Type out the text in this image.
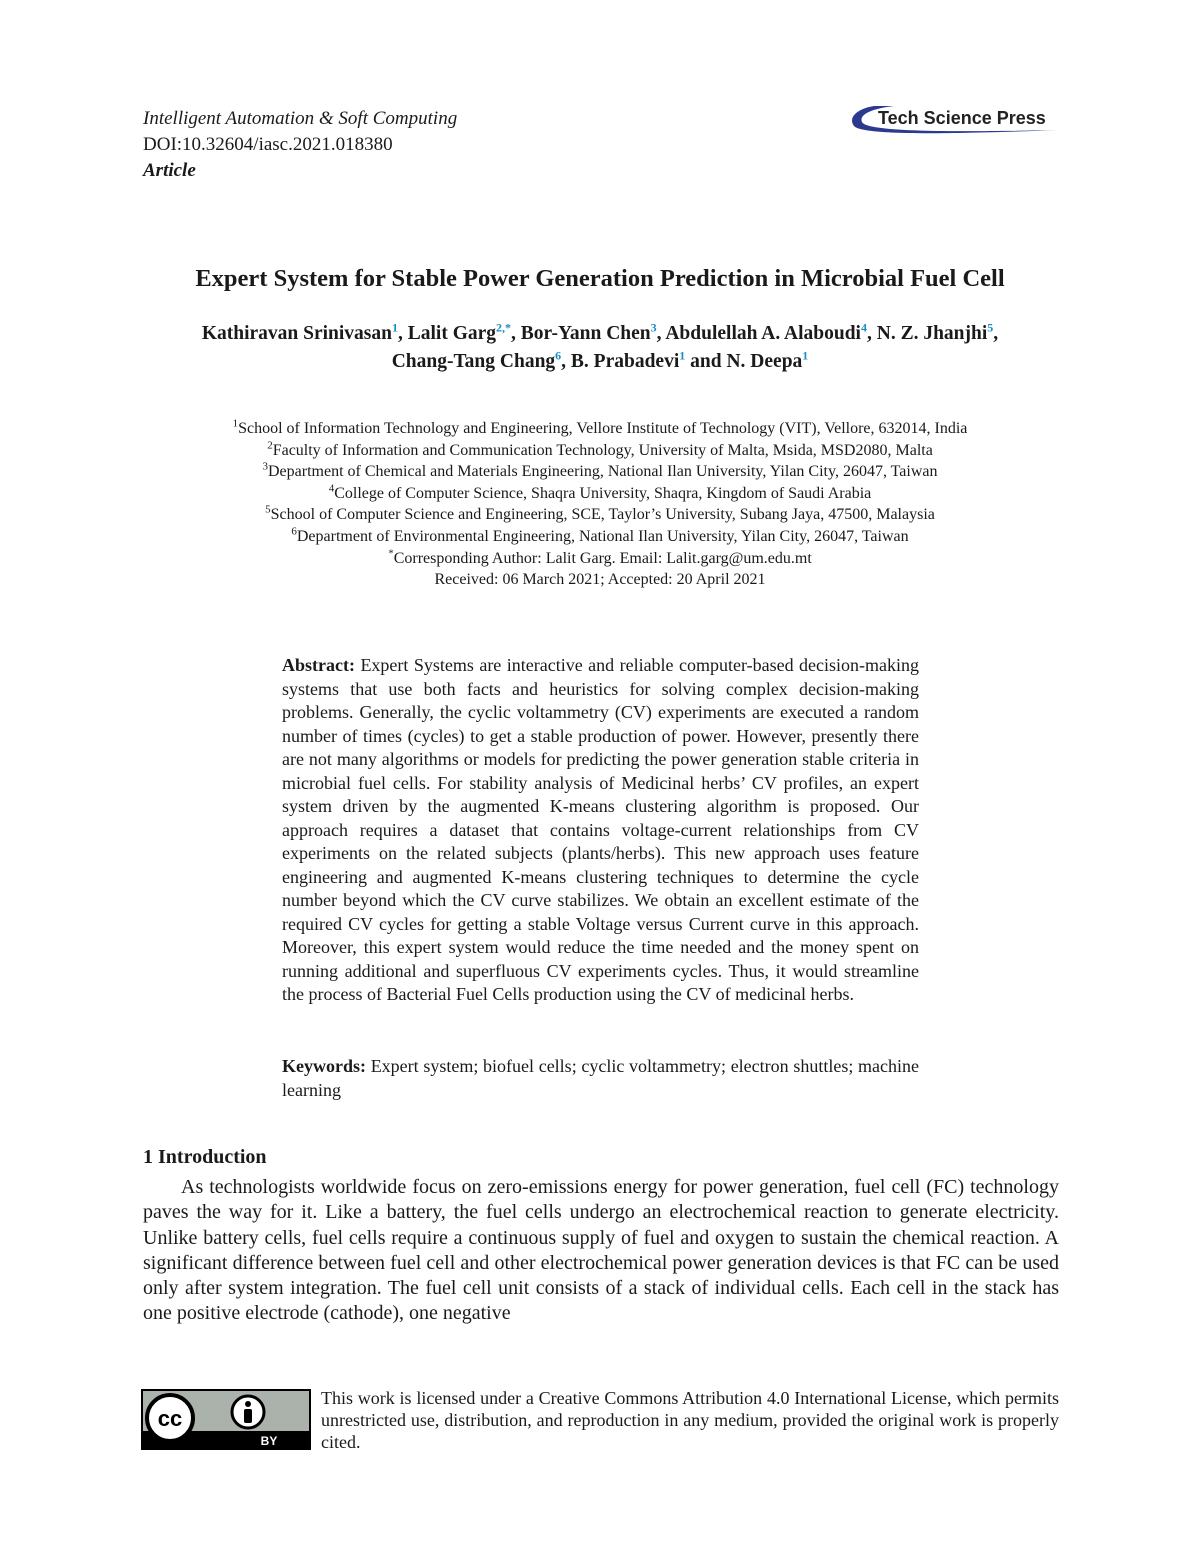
Intelligent Automation & Soft Computing
DOI:10.32604/iasc.2021.018380
Article
Tech Science Press
Expert System for Stable Power Generation Prediction in Microbial Fuel Cell
Kathiravan Srinivasan$^1$, Lalit Garg$^{2,*}$, Bor-Yann Chen$^3$, Abdulellah A. Alaboudi$^4$, N. Z. Jhanjhi$^5$,
Chang-Tang Chang$^6$, B. Prabadevi$^1$ and N. Deepa$^1$
$^1$School of Information Technology and Engineering, Vellore Institute of Technology (VIT), Vellore, 632014, India
$^2$Faculty of Information and Communication Technology, University of Malta, Msida, MSD2080, Malta
$^3$Department of Chemical and Materials Engineering, National Ilan University, Yilan City, 26047, Taiwan
$^4$College of Computer Science, Shaqra University, Shaqra, Kingdom of Saudi Arabia
$^5$School of Computer Science and Engineering, SCE, Taylor’s University, Subang Jaya, 47500, Malaysia
$^6$Department of Environmental Engineering, National Ilan University, Yilan City, 26047, Taiwan
*Corresponding Author: Lalit Garg. Email: Lalit.garg@um.edu.mt
Received: 06 March 2021; Accepted: 20 April 2021
Abstract: Expert Systems are interactive and reliable computer-based decision-making systems that use both facts and heuristics for solving complex decision-making problems. Generally, the cyclic voltammetry (CV) experiments are executed a random number of times (cycles) to get a stable production of power. However, presently there are not many algorithms or models for predicting the power generation stable criteria in microbial fuel cells. For stability analysis of Medicinal herbs’ CV profiles, an expert system driven by the augmented K-means clustering algorithm is proposed. Our approach requires a dataset that contains voltage-current relationships from CV experiments on the related subjects (plants/herbs). This new approach uses feature engineering and augmented K-means clustering techniques to determine the cycle number beyond which the CV curve stabilizes. We obtain an excellent estimate of the required CV cycles for getting a stable Voltage versus Current curve in this approach. Moreover, this expert system would reduce the time needed and the money spent on running additional and superfluous CV experiments cycles. Thus, it would streamline the process of Bacterial Fuel Cells production using the CV of medicinal herbs.
Keywords: Expert system; biofuel cells; cyclic voltammetry; electron shuttles; machine learning
1 Introduction
As technologists worldwide focus on zero-emissions energy for power generation, fuel cell (FC) technology paves the way for it. Like a battery, the fuel cells undergo an electrochemical reaction to generate electricity. Unlike battery cells, fuel cells require a continuous supply of fuel and oxygen to sustain the chemical reaction. A significant difference between fuel cell and other electrochemical power generation devices is that FC can be used only after system integration. The fuel cell unit consists of a stack of individual cells. Each cell in the stack has one positive electrode (cathode), one negative
cc
BY
This work is licensed under a Creative Commons Attribution 4.0 International License, which permits unrestricted use, distribution, and reproduction in any medium, provided the original work is properly cited.
